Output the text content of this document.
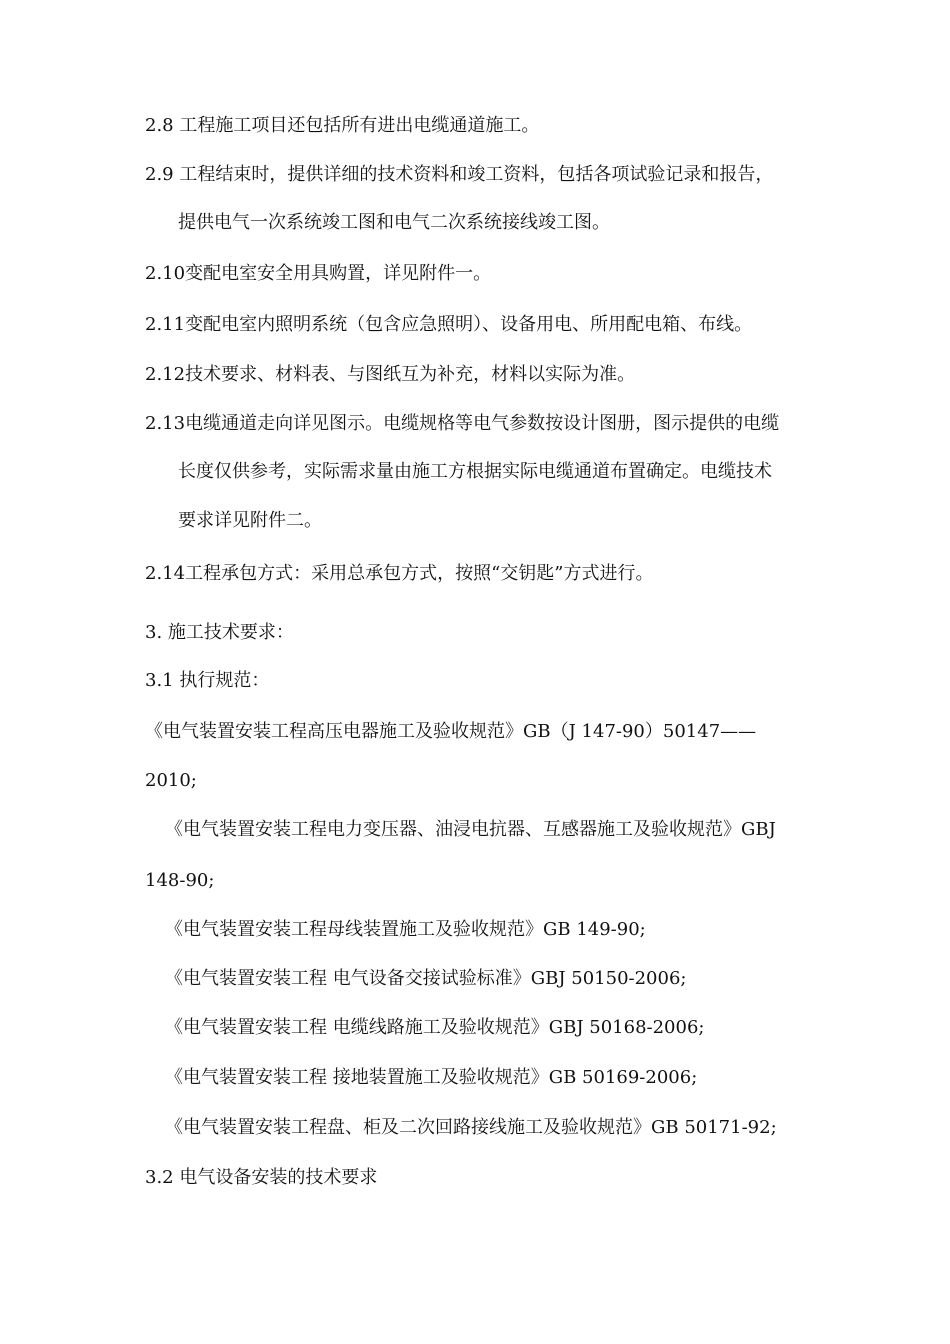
2.8 工程施工项目还包括所有进出电缆通道施工。
2.9 工程结束时，提供详细的技术资料和竣工资料，包括各项试验记录和报告，
提供电气一次系统竣工图和电气二次系统接线竣工图。
2.10变配电室安全用具购置，详见附件一。
2.11变配电室内照明系统（包含应急照明）、设备用电、所用配电箱、布线。
2.12技术要求、材料表、与图纸互为补充，材料以实际为准。
2.13电缆通道走向详见图示。电缆规格等电气参数按设计图册，图示提供的电缆
长度仅供参考，实际需求量由施工方根据实际电缆通道布置确定。电缆技术
要求详见附件二。
2.14工程承包方式：采用总承包方式，按照“交钥匙”方式进行。
3. 施工技术要求：
3.1 执行规范：
《电气装置安装工程高压电器施工及验收规范》GB（J 147-90）50147——
2010;
《电气装置安装工程电力变压器、油浸电抗器、互感器施工及验收规范》GBJ
148-90;
《电气装置安装工程母线装置施工及验收规范》GB 149-90;
《电气装置安装工程 电气设备交接试验标准》GBJ 50150-2006;
《电气装置安装工程 电缆线路施工及验收规范》GBJ 50168-2006;
《电气装置安装工程 接地装置施工及验收规范》GB 50169-2006;
《电气装置安装工程盘、柜及二次回路接线施工及验收规范》GB 50171-92;
3.2 电气设备安装的技术要求
